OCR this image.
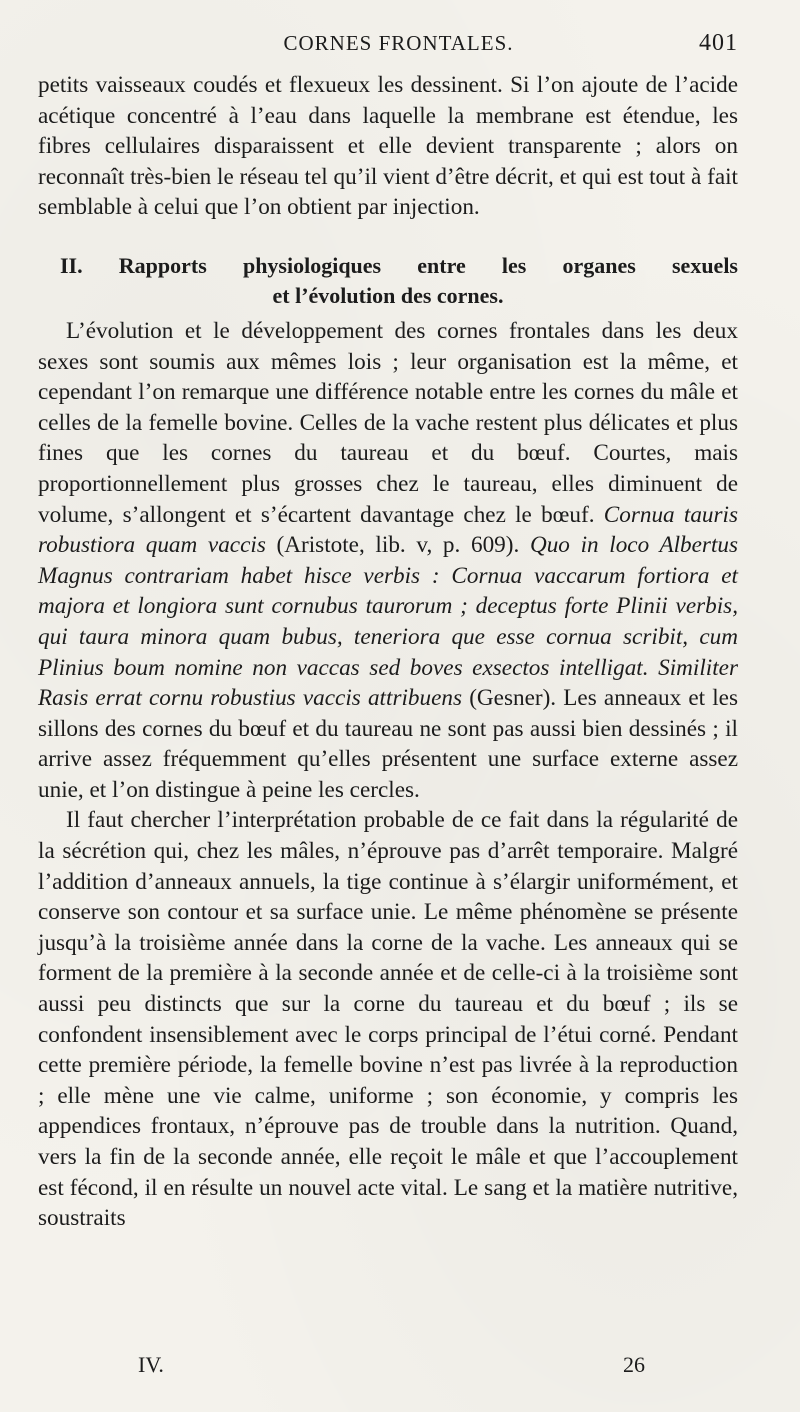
CORNES FRONTALES.	401

petits vaisseaux coudés et flexueux les dessinent. Si l’on ajoute de l’acide acétique concentré à l’eau dans laquelle la membrane est étendue, les fibres cellulaires disparaissent et elle devient transparente ; alors on reconnaît très-bien le réseau tel qu’il vient d’être décrit, et qui est tout à fait semblable à celui que l’on obtient par injection.

II. Rapports physiologiques entre les organes sexuels
et l’évolution des cornes.

L’évolution et le développement des cornes frontales dans les deux sexes sont soumis aux mêmes lois ; leur organisation est la même, et cependant l’on remarque une différence notable entre les cornes du mâle et celles de la femelle bovine. Celles de la vache restent plus délicates et plus fines que les cornes du taureau et du bœuf. Courtes, mais proportionnellement plus grosses chez le taureau, elles diminuent de volume, s’allongent et s’écartent davantage chez le bœuf. Cornua tauris robustiora quam vaccis (Aristote, lib. v, p. 609). Quo in loco Albertus Magnus contrariam habet hisce verbis : Cornua vaccarum fortiora et majora et longiora sunt cornubus taurorum ; deceptus forte Plinii verbis, qui taura minora quam bubus, teneriora que esse cornua scribit, cum Plinius boum nomine non vaccas sed boves exsectos intelligat. Similiter Rasis errat cornu robustius vaccis attribuens (Gesner). Les anneaux et les sillons des cornes du bœuf et du taureau ne sont pas aussi bien dessinés ; il arrive assez fréquemment qu’elles présentent une surface externe assez unie, et l’on distingue à peine les cercles.

Il faut chercher l’interprétation probable de ce fait dans la régularité de la sécrétion qui, chez les mâles, n’éprouve pas d’arrêt temporaire. Malgré l’addition d’anneaux annuels, la tige continue à s’élargir uniformément, et conserve son contour et sa surface unie. Le même phénomène se présente jusqu’à la troisième année dans la corne de la vache. Les anneaux qui se forment de la première à la seconde année et de celle-ci à la troisième sont aussi peu distincts que sur la corne du taureau et du bœuf ; ils se confondent insensiblement avec le corps principal de l’étui corné. Pendant cette première période, la femelle bovine n’est pas livrée à la reproduction ; elle mène une vie calme, uniforme ; son économie, y compris les appendices frontaux, n’éprouve pas de trouble dans la nutrition. Quand, vers la fin de la seconde année, elle reçoit le mâle et que l’accouplement est fécond, il en résulte un nouvel acte vital. Le sang et la matière nutritive, soustraits

IV.	26
